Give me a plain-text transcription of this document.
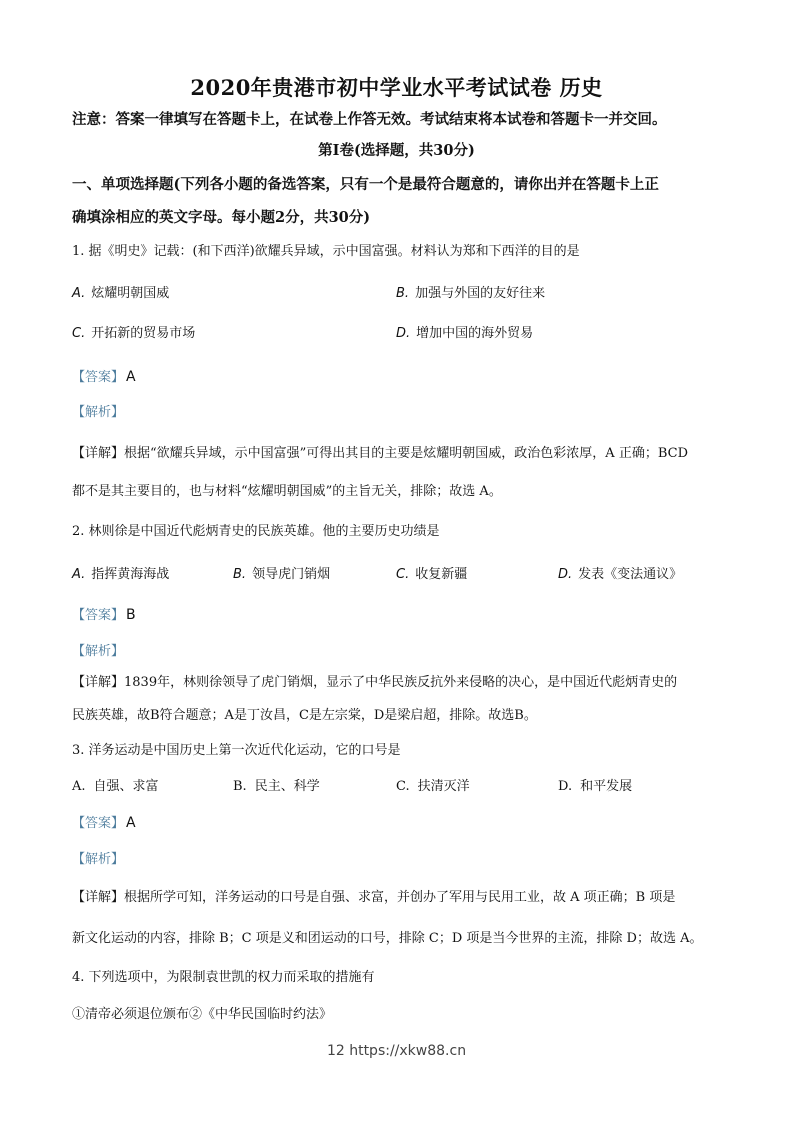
2020年贵港市初中学业水平考试试卷 历史
注意：答案一律填写在答题卡上，在试卷上作答无效。考试结束将本试卷和答题卡一并交回。
第Ⅰ卷(选择题，共30分)
一、单项选择题(下列各小题的备选答案，只有一个是最符合题意的，请你出并在答题卡上正
确填涂相应的英文字母。每小题2分，共30分)
1. 据《明史》记载：(和下西洋)欲耀兵异域，示中国富强。材料认为郑和下西洋的目的是
A. 炫耀明朝国威	B. 加强与外国的友好往来
C. 开拓新的贸易市场	D. 增加中国的海外贸易
【答案】 A
【解析】
【详解】根据“欲耀兵异域，示中国富强”可得出其目的主要是炫耀明朝国威，政治色彩浓厚，A 正确；BCD
都不是其主要目的，也与材料“炫耀明朝国威”的主旨无关，排除；故选 A。
2. 林则徐是中国近代彪炳青史的民族英雄。他的主要历史功绩是
A. 指挥黄海海战	B. 领导虎门销烟	C. 收复新疆	D. 发表《变法通议》
【答案】 B
【解析】
【详解】1839年，林则徐领导了虎门销烟，显示了中华民族反抗外来侵略的决心，是中国近代彪炳青史的
民族英雄，故B符合题意；A是丁汝昌，C是左宗棠，D是梁启超，排除。故选B。
3. 洋务运动是中国历史上第一次近代化运动，它的口号是
A. 自强、求富	B. 民主、科学	C. 扶清灭洋	D. 和平发展
【答案】 A
【解析】
【详解】根据所学可知，洋务运动的口号是自强、求富，并创办了军用与民用工业，故 A 项正确；B 项是
新文化运动的内容，排除 B；C 项是义和团运动的口号，排除 C；D 项是当今世界的主流，排除 D；故选 A。
4. 下列选项中，为限制袁世凯的权力而采取的措施有
①清帝必须退位颁布②《中华民国临时约法》
12 https://xkw88.cn
